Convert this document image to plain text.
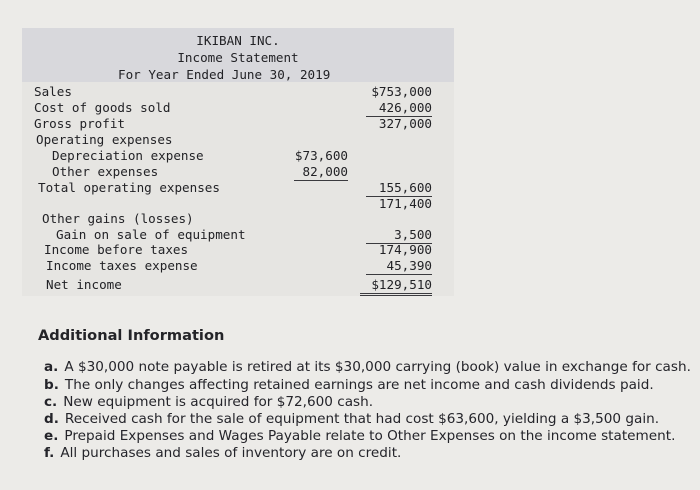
IKIBAN INC.
Income Statement
For Year Ended June 30, 2019
Sales
Cost of goods sold
Gross profit
Operating expenses
Depreciation expense
Other expenses
Total operating expenses
Other gains (losses)
Gain on sale of equipment
Income before taxes
Income taxes expense
Net income
$73,600
82,000
$753,000
426,000
327,000
155,600
171,400
3,500
174,900
45,390
$129,510
Additional Information
a. A $30,000 note payable is retired at its $30,000 carrying (book) value in exchange for cash.
b. The only changes affecting retained earnings are net income and cash dividends paid.
c. New equipment is acquired for $72,600 cash.
d. Received cash for the sale of equipment that had cost $63,600, yielding a $3,500 gain.
e. Prepaid Expenses and Wages Payable relate to Other Expenses on the income statement.
f. All purchases and sales of inventory are on credit.
